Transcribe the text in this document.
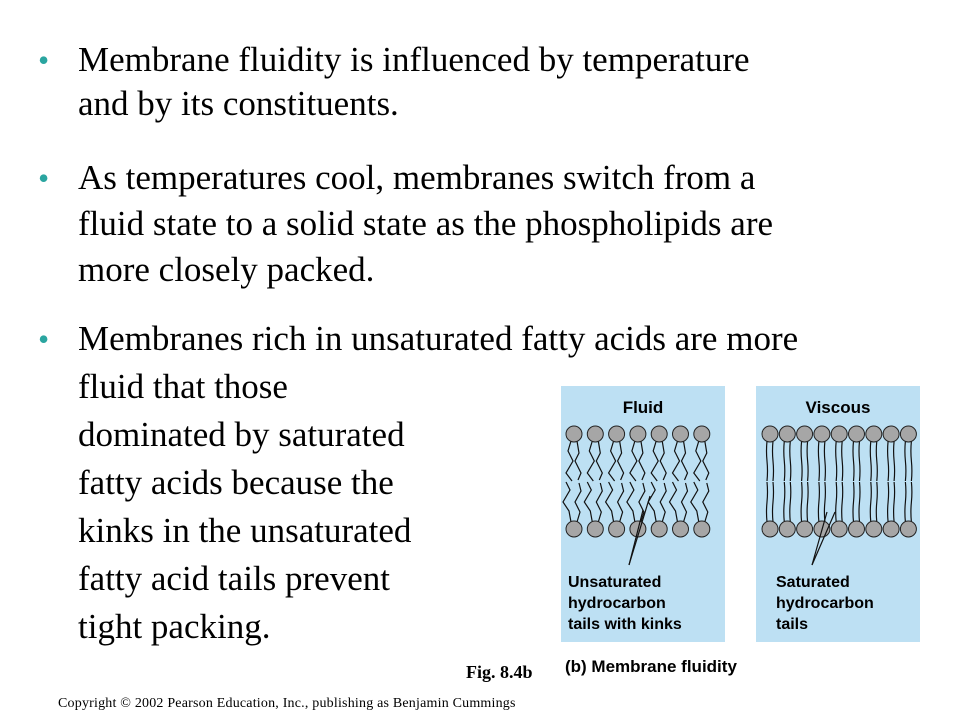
• Membrane fluidity is influenced by temperature
and by its constituents.
• As temperatures cool, membranes switch from a
fluid state to a solid state as the phospholipids are
more closely packed.
• Membranes rich in unsaturated fatty acids are more
fluid that those
dominated by saturated
fatty acids because the
kinks in the unsaturated
fatty acid tails prevent
tight packing.
Fluid	Viscous
Unsaturated
hydrocarbon
tails with kinks
Saturated
hydrocarbon
tails
(b) Membrane fluidity
Fig. 8.4b
Copyright © 2002 Pearson Education, Inc., publishing as Benjamin Cummings
